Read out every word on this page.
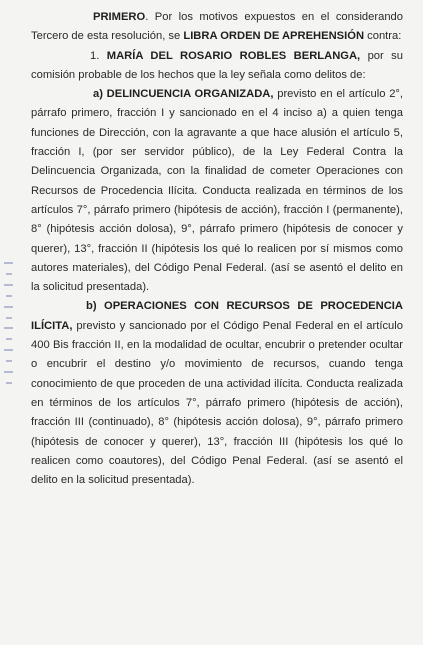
PRIMERO. Por los motivos expuestos en el considerando Tercero de esta resolución, se LIBRA ORDEN DE APREHENSIÓN contra:

1. MARÍA DEL ROSARIO ROBLES BERLANGA, por su comisión probable de los hechos que la ley señala como delitos de:

a) DELINCUENCIA ORGANIZADA, previsto en el artículo 2°, párrafo primero, fracción I y sancionado en el 4 inciso a) a quien tenga funciones de Dirección, con la agravante a que hace alusión el artículo 5, fracción I, (por ser servidor público), de la Ley Federal Contra la Delincuencia Organizada, con la finalidad de cometer Operaciones con Recursos de Procedencia Ilícita. Conducta realizada en términos de los artículos 7°, párrafo primero (hipótesis de acción), fracción I (permanente), 8° (hipótesis acción dolosa), 9°, párrafo primero (hipótesis de conocer y querer), 13°, fracción II (hipótesis los qué lo realicen por sí mismos como autores materiales), del Código Penal Federal. (así se asentó el delito en la solicitud presentada).

b) OPERACIONES CON RECURSOS DE PROCEDENCIA ILÍCITA, previsto y sancionado por el Código Penal Federal en el artículo 400 Bis fracción II, en la modalidad de ocultar, encubrir o pretender ocultar o encubrir el destino y/o movimiento de recursos, cuando tenga conocimiento de que proceden de una actividad ilícita. Conducta realizada en términos de los artículos 7°, párrafo primero (hipótesis de acción), fracción III (continuado), 8° (hipótesis acción dolosa), 9°, párrafo primero (hipótesis de conocer y querer), 13°, fracción III (hipótesis los qué lo realicen como coautores), del Código Penal Federal. (así se asentó el delito en la solicitud presentada).
